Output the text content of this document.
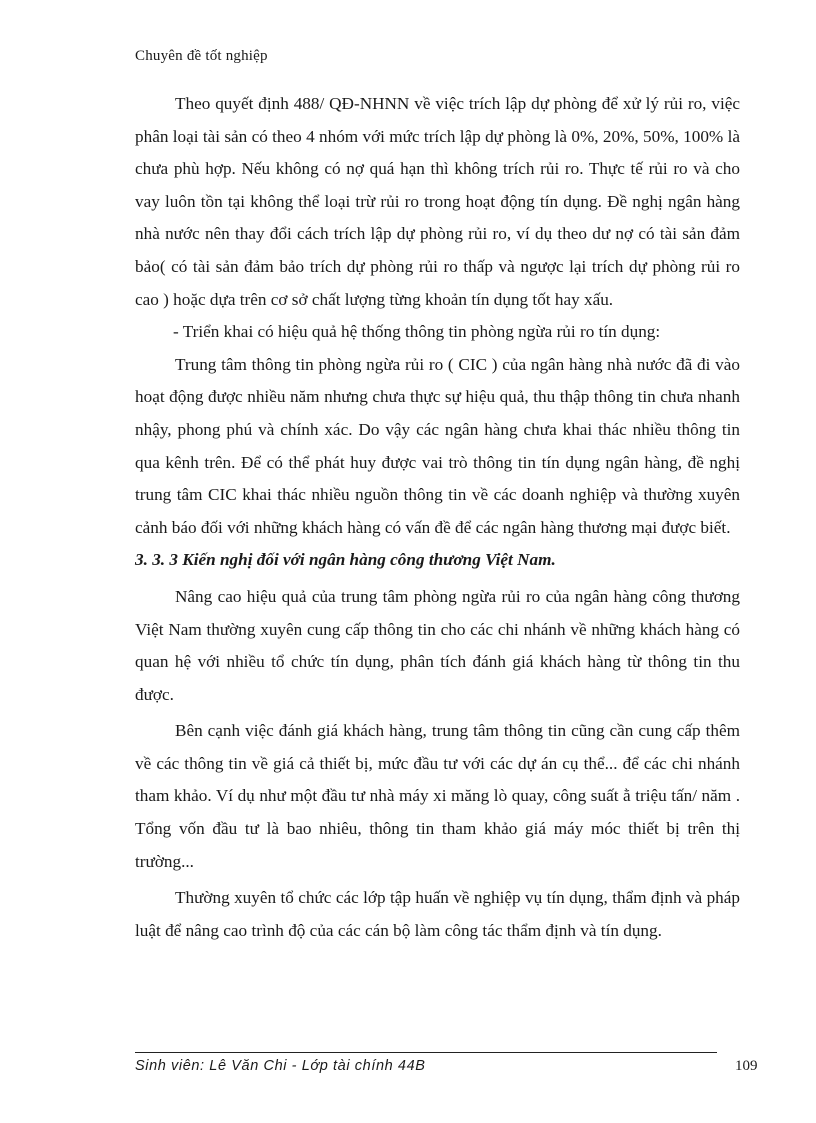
Chuyên đề tốt nghiệp

Theo quyết định 488/ QĐ-NHNN về việc trích lập dự phòng để xử lý rủi ro, việc phân loại tài sản có theo 4 nhóm với mức trích lập dự phòng là 0%, 20%, 50%, 100% là chưa phù hợp. Nếu không có nợ quá hạn thì không trích rủi ro. Thực tế rủi ro và cho vay luôn tồn tại không thể loại trừ rủi ro trong hoạt động tín dụng. Đề nghị ngân hàng nhà nước nên thay đổi cách trích lập dự phòng rủi ro, ví dụ theo dư nợ có tài sản đảm bảo( có tài sản đảm bảo trích dự phòng rủi ro thấp và ngược lại trích dự phòng rủi ro cao ) hoặc dựa trên cơ sở chất lượng từng khoản tín dụng tốt hay xấu.

- Triển khai có hiệu quả hệ thống thông tin phòng ngừa rủi ro tín dụng:

Trung tâm thông tin phòng ngừa rủi ro ( CIC ) của ngân hàng nhà nước đã đi vào hoạt động được nhiều năm nhưng chưa thực sự hiệu quả, thu thập thông tin chưa nhanh nhậy, phong phú và chính xác. Do vậy các ngân hàng chưa khai thác nhiều thông tin qua kênh trên. Để có thể phát huy được vai trò thông tin tín dụng ngân hàng, đề nghị trung tâm CIC khai thác nhiều nguồn thông tin về các doanh nghiệp và thường xuyên cảnh báo đối với những khách hàng có vấn đề để các ngân hàng thương mại được biết.

3. 3. 3 Kiến nghị đối với ngân hàng công thương Việt Nam.

Nâng cao hiệu quả của trung tâm phòng ngừa rủi ro của ngân hàng công thương Việt Nam thường xuyên cung cấp thông tin cho các chi nhánh về những khách hàng có quan hệ với nhiều tổ chức tín dụng, phân tích đánh giá khách hàng từ thông tin thu được.

Bên cạnh việc đánh giá khách hàng, trung tâm thông tin cũng cần cung cấp thêm về các thông tin về giá cả thiết bị, mức đầu tư với các dự án cụ thể... để các chi nhánh tham khảo. Ví dụ như một đầu tư nhà máy xi măng lò quay, công suất ằ triệu tấn/ năm . Tổng vốn đầu tư là bao nhiêu, thông tin tham khảo giá máy móc thiết bị trên thị trường...

Thường xuyên tổ chức các lớp tập huấn về nghiệp vụ tín dụng, thẩm định và pháp luật để nâng cao trình độ của các cán bộ làm công tác thẩm định và tín dụng.

Sinh viên: Lê Văn Chi - Lớp tài chính 44B	109
